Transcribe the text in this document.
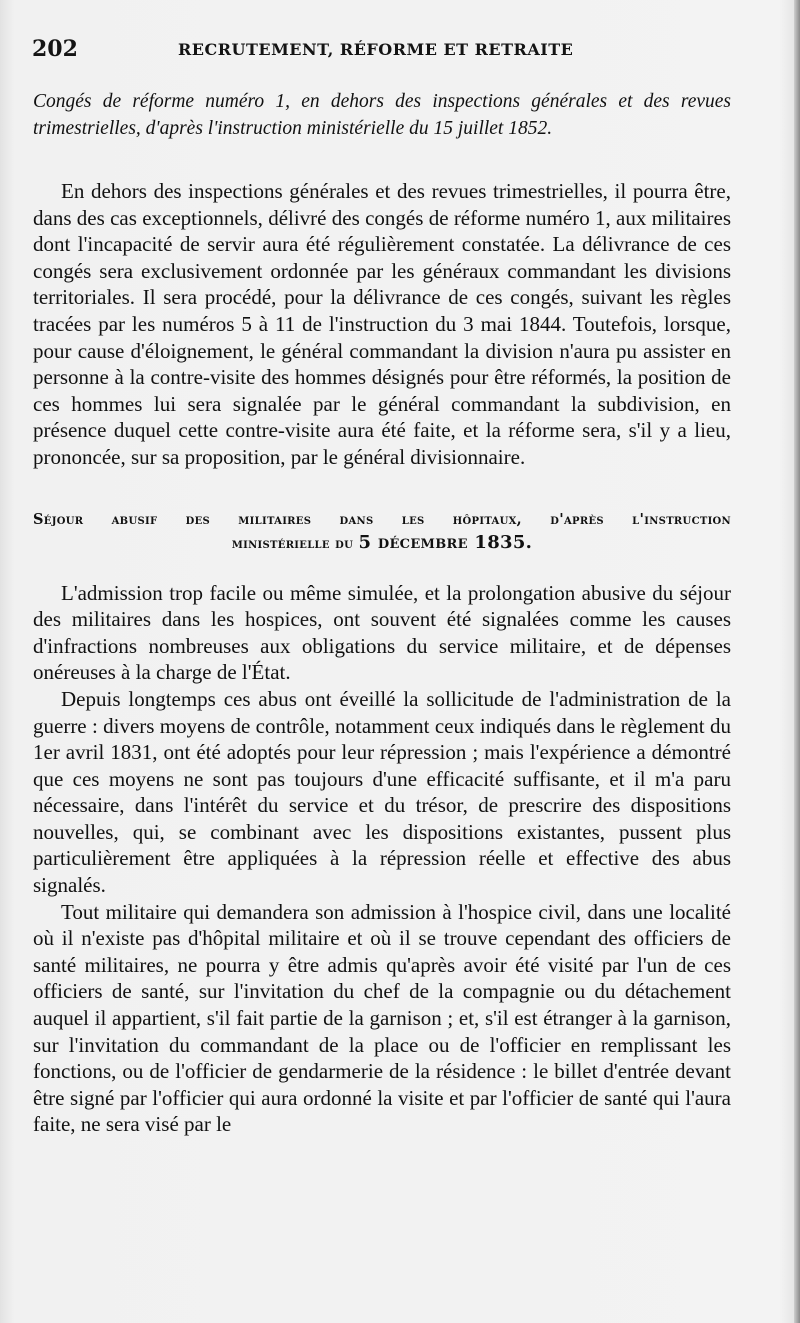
202	RECRUTEMENT, RÉFORME ET RETRAITE

Congés de réforme numéro 1, en dehors des inspections générales et des revues trimestrielles, d'après l'instruction ministérielle du 15 juillet 1852.

En dehors des inspections générales et des revues trimestrielles, il pourra être, dans des cas exceptionnels, délivré des congés de réforme numéro 1, aux militaires dont l'incapacité de servir aura été régulièrement constatée. La délivrance de ces congés sera exclusivement ordonnée par les généraux commandant les divisions territoriales. Il sera procédé, pour la délivrance de ces congés, suivant les règles tracées par les numéros 5 à 11 de l'instruction du 3 mai 1844. Toutefois, lorsque, pour cause d'éloignement, le général commandant la division n'aura pu assister en personne à la contre-visite des hommes désignés pour être réformés, la position de ces hommes lui sera signalée par le général commandant la subdivision, en présence duquel cette contre-visite aura été faite, et la réforme sera, s'il y a lieu, prononcée, sur sa proposition, par le général divisionnaire.

Séjour abusif des militaires dans les hôpitaux, d'après l'instruction
ministérielle du 5 décembre 1835.

L'admission trop facile ou même simulée, et la prolongation abusive du séjour des militaires dans les hospices, ont souvent été signalées comme les causes d'infractions nombreuses aux obligations du service militaire, et de dépenses onéreuses à la charge de l'État.

Depuis longtemps ces abus ont éveillé la sollicitude de l'administration de la guerre : divers moyens de contrôle, notamment ceux indiqués dans le règlement du 1er avril 1831, ont été adoptés pour leur répression ; mais l'expérience a démontré que ces moyens ne sont pas toujours d'une efficacité suffisante, et il m'a paru nécessaire, dans l'intérêt du service et du trésor, de prescrire des dispositions nouvelles, qui, se combinant avec les dispositions existantes, pussent plus particulièrement être appliquées à la répression réelle et effective des abus signalés.

Tout militaire qui demandera son admission à l'hospice civil, dans une localité où il n'existe pas d'hôpital militaire et où il se trouve cependant des officiers de santé militaires, ne pourra y être admis qu'après avoir été visité par l'un de ces officiers de santé, sur l'invitation du chef de la compagnie ou du détachement auquel il appartient, s'il fait partie de la garnison ; et, s'il est étranger à la garnison, sur l'invitation du commandant de la place ou de l'officier en remplissant les fonctions, ou de l'officier de gendarmerie de la résidence : le billet d'entrée devant être signé par l'officier qui aura ordonné la visite et par l'officier de santé qui l'aura faite, ne sera visé par le
